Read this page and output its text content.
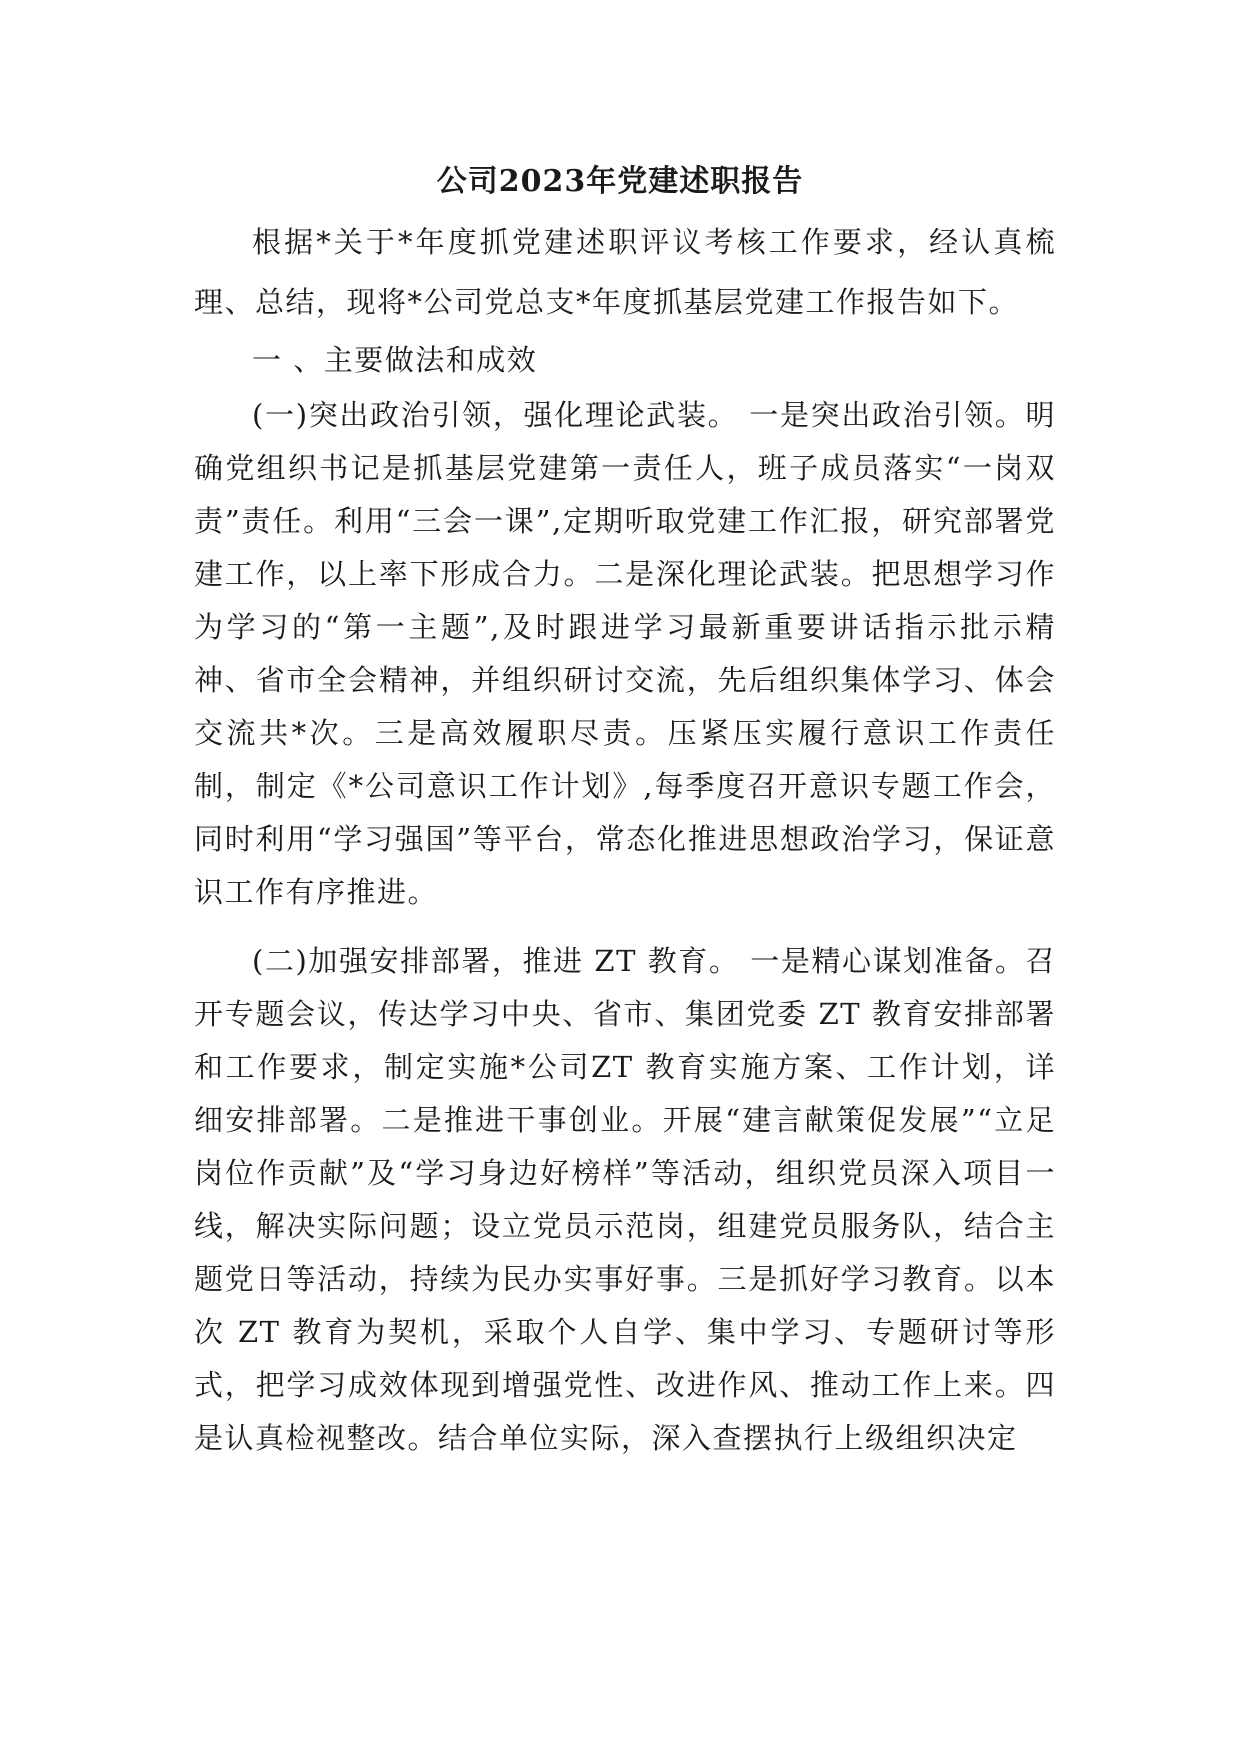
公司2023年党建述职报告

根据*关于*年度抓党建述职评议考核工作要求，经认真梳理、总结，现将*公司党总支*年度抓基层党建工作报告如下。

一 、主要做法和成效

(一)突出政治引领，强化理论武装。 一是突出政治引领。明确党组织书记是抓基层党建第一责任人，班子成员落实“一岗双责”责任。利用“三会一课”,定期听取党建工作汇报，研究部署党建工作，以上率下形成合力。二是深化理论武装。把思想学习作为学习的“第一主题”,及时跟进学习最新重要讲话指示批示精神、省市全会精神，并组织研讨交流，先后组织集体学习、体会交流共*次。三是高效履职尽责。压紧压实履行意识工作责任制，制定《*公司意识工作计划》,每季度召开意识专题工作会，同时利用“学习强国”等平台，常态化推进思想政治学习，保证意识工作有序推进。

(二)加强安排部署，推进 ZT 教育。 一是精心谋划准备。召开专题会议，传达学习中央、省市、集团党委 ZT 教育安排部署和工作要求，制定实施*公司ZT 教育实施方案、工作计划，详细安排部署。二是推进干事创业。开展“建言献策促发展”“立足岗位作贡献”及“学习身边好榜样”等活动，组织党员深入项目一线，解决实际问题；设立党员示范岗，组建党员服务队，结合主题党日等活动，持续为民办实事好事。三是抓好学习教育。以本次 ZT 教育为契机，采取个人自学、集中学习、专题研讨等形式，把学习成效体现到增强党性、改进作风、推动工作上来。四是认真检视整改。结合单位实际，深入查摆执行上级组织决定
